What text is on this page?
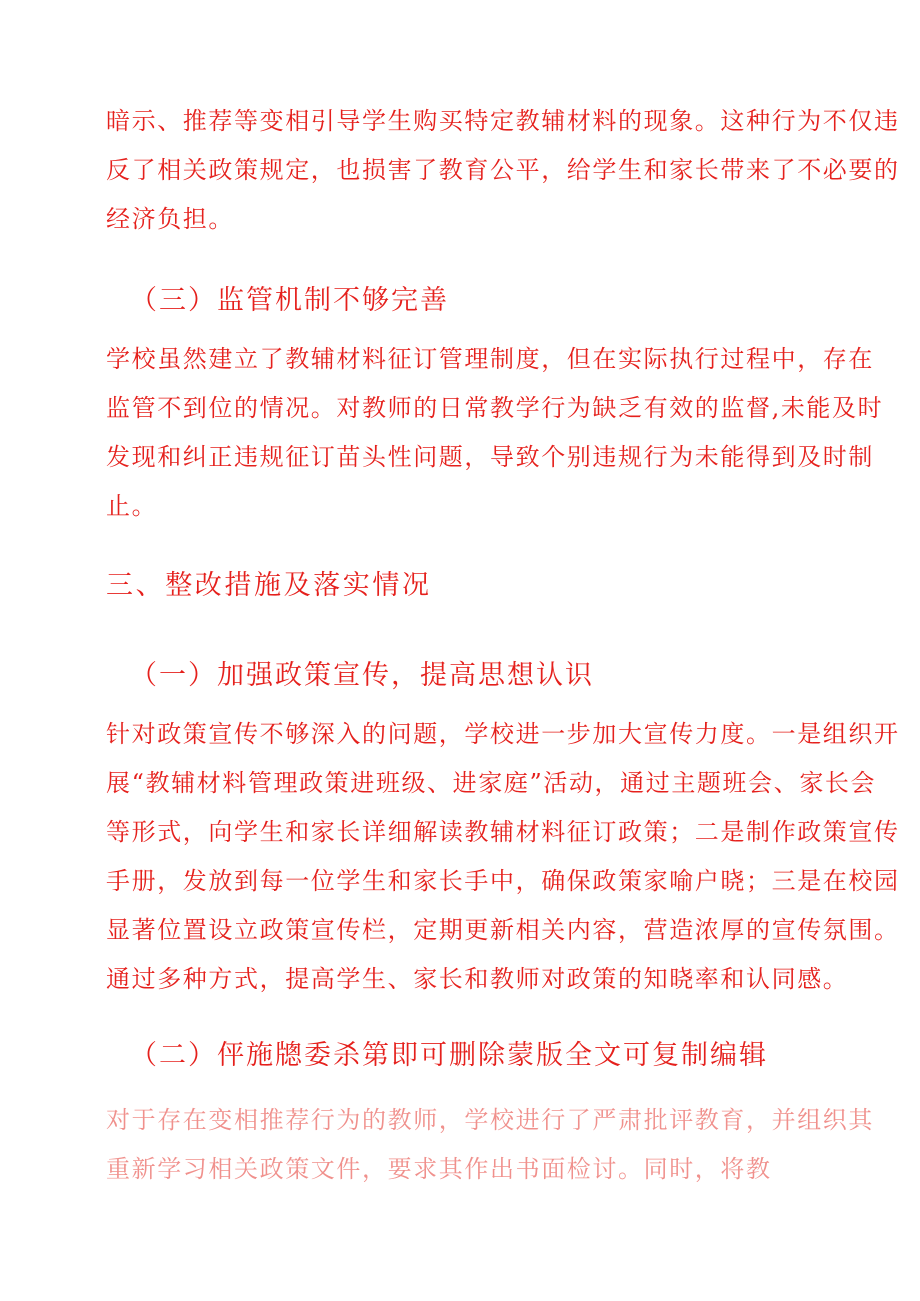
暗示、推荐等变相引导学生购买特定教辅材料的现象。这种行为不仅违
反了相关政策规定，也损害了教育公平，给学生和家长带来了不必要的
经济负担。

（三）监管机制不够完善

学校虽然建立了教辅材料征订管理制度，但在实际执行过程中，存在
监管不到位的情况。对教师的日常教学行为缺乏有效的监督,未能及时
发现和纠正违规征订苗头性问题，导致个别违规行为未能得到及时制
止。

三、整改措施及落实情况
（一）加强政策宣传，提高思想认识

针对政策宣传不够深入的问题，学校进一步加大宣传力度。一是组织开
展“教辅材料管理政策进班级、进家庭”活动，通过主题班会、家长会
等形式，向学生和家长详细解读教辅材料征订政策；二是制作政策宣传
手册，发放到每一位学生和家长手中，确保政策家喻户晓；三是在校园
显著位置设立政策宣传栏，定期更新相关内容，营造浓厚的宣传氛围。
通过多种方式，提高学生、家长和教师对政策的知晓率和认同感。

（二）伻施牕委杀第即可删除蒙版全文可复制编辑

对于存在变相推荐行为的教师，学校进行了严肃批评教育，并组织其
重新学习相关政策文件，要求其作出书面检讨。同时，将教
